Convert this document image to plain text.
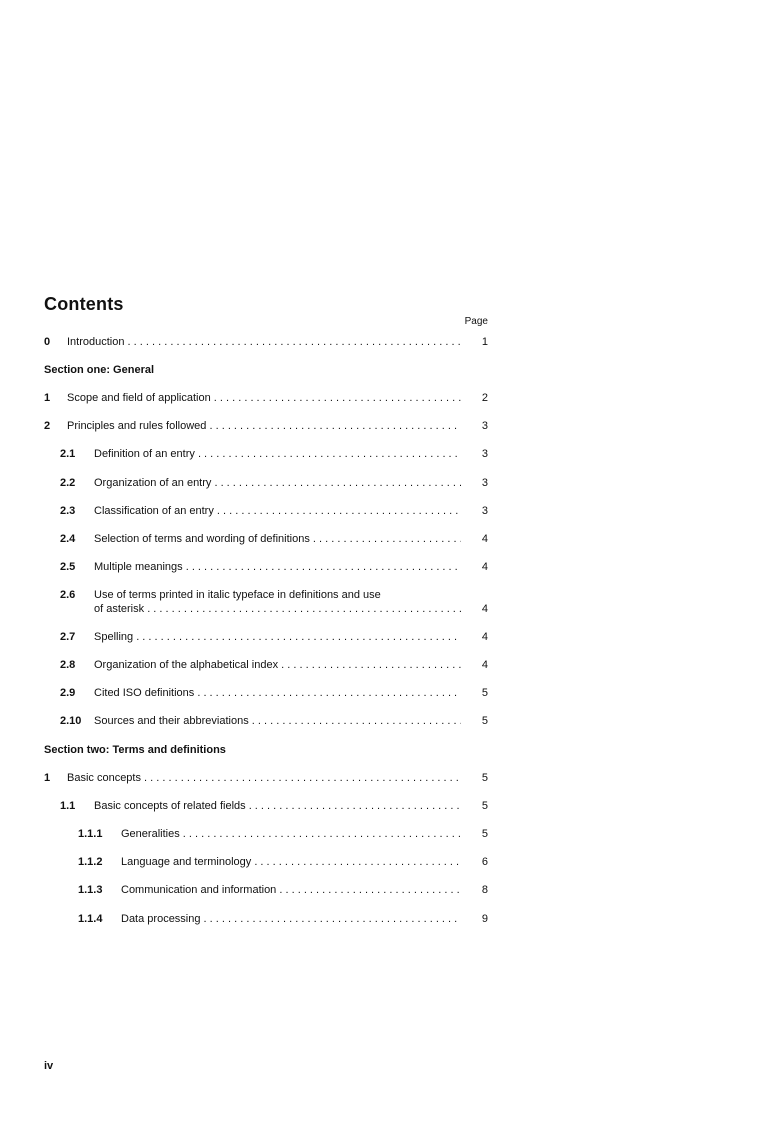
Contents
Page
0 Introduction . . .	1
Section one: General
1 Scope and field of application . . .	2
2 Principles and rules followed . . .	3
2.1 Definition of an entry . . .	3
2.2 Organization of an entry . . .	3
2.3 Classification of an entry . . .	3
2.4 Selection of terms and wording of definitions . . .	4
2.5 Multiple meanings . . .	4
2.6 Use of terms printed in italic typeface in definitions and use
of asterisk . . .	4
2.7 Spelling . . .	4
2.8 Organization of the alphabetical index . . .	4
2.9 Cited ISO definitions . . .	5
2.10 Sources and their abbreviations . . .	5
Section two: Terms and definitions
1 Basic concepts . . .	5
1.1 Basic concepts of related fields . . .	5
1.1.1 Generalities . . .	5
1.1.2 Language and terminology . . .	6
1.1.3 Communication and information . . .	8
1.1.4 Data processing . . .	9
iv
